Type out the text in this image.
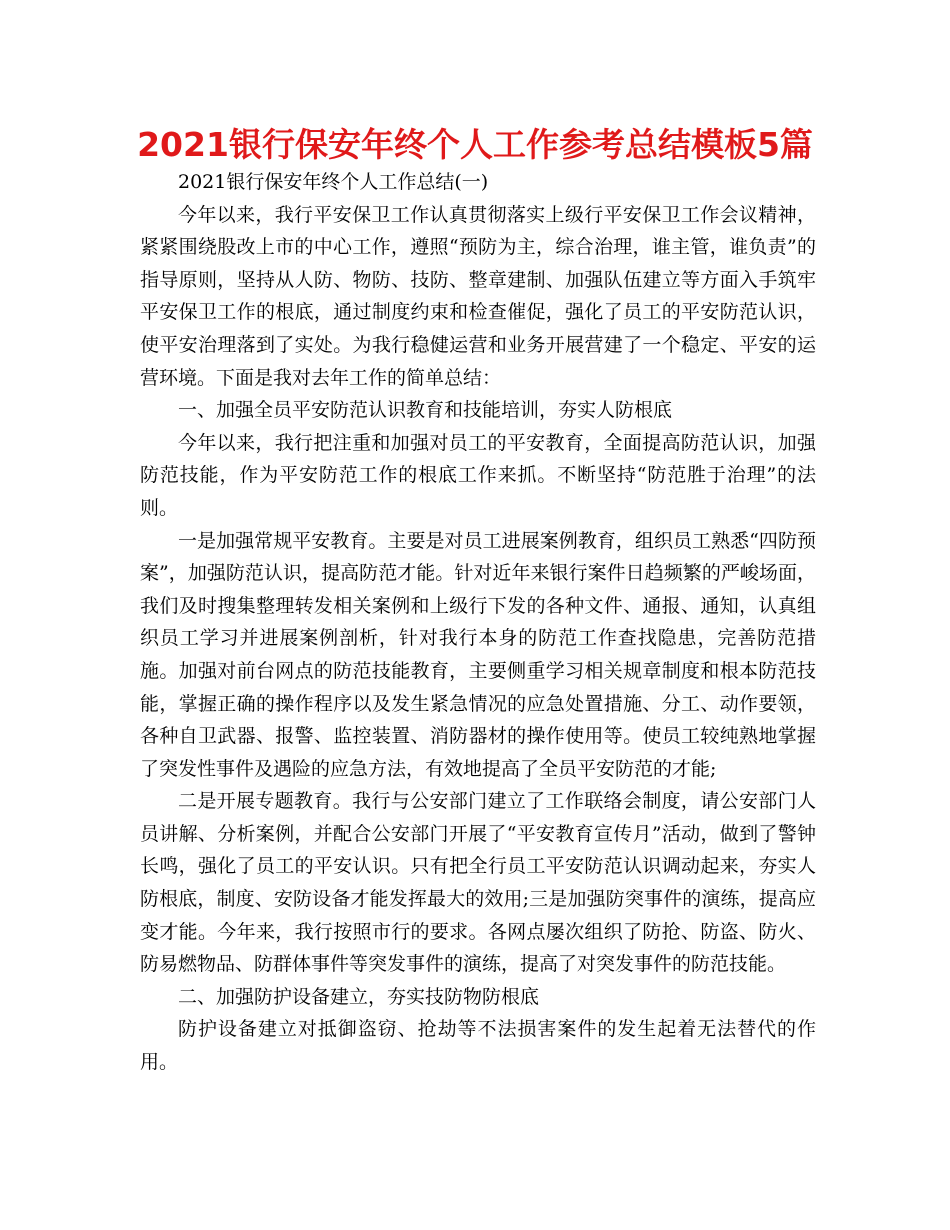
2021银行保安年终个人工作参考总结模板5篇

2021银行保安年终个人工作总结(一)

今年以来，我行平安保卫工作认真贯彻落实上级行平安保卫工作会议精神，紧紧围绕股改上市的中心工作，遵照“预防为主，综合治理，谁主管，谁负责”的指导原则，坚持从人防、物防、技防、整章建制、加强队伍建立等方面入手筑牢平安保卫工作的根底，通过制度约束和检查催促，强化了员工的平安防范认识，使平安治理落到了实处。为我行稳健运营和业务开展营建了一个稳定、平安的运营环境。下面是我对去年工作的简单总结：

一、加强全员平安防范认识教育和技能培训，夯实人防根底

今年以来，我行把注重和加强对员工的平安教育，全面提高防范认识，加强防范技能，作为平安防范工作的根底工作来抓。不断坚持“防范胜于治理”的法则。

一是加强常规平安教育。主要是对员工进展案例教育，组织员工熟悉“四防预案”，加强防范认识，提高防范才能。针对近年来银行案件日趋频繁的严峻场面，我们及时搜集整理转发相关案例和上级行下发的各种文件、通报、通知，认真组织员工学习并进展案例剖析，针对我行本身的防范工作查找隐患，完善防范措施。加强对前台网点的防范技能教育，主要侧重学习相关规章制度和根本防范技能，掌握正确的操作程序以及发生紧急情况的应急处置措施、分工、动作要领，各种自卫武器、报警、监控装置、消防器材的操作使用等。使员工较纯熟地掌握了突发性事件及遇险的应急方法，有效地提高了全员平安防范的才能;

二是开展专题教育。我行与公安部门建立了工作联络会制度，请公安部门人员讲解、分析案例，并配合公安部门开展了“平安教育宣传月”活动，做到了警钟长鸣，强化了员工的平安认识。只有把全行员工平安防范认识调动起来，夯实人防根底，制度、安防设备才能发挥最大的效用;三是加强防突事件的演练，提高应变才能。今年来，我行按照市行的要求。各网点屡次组织了防抢、防盗、防火、防易燃物品、防群体事件等突发事件的演练，提高了对突发事件的防范技能。

二、加强防护设备建立，夯实技防物防根底

防护设备建立对抵御盗窃、抢劫等不法损害案件的发生起着无法替代的作用。
